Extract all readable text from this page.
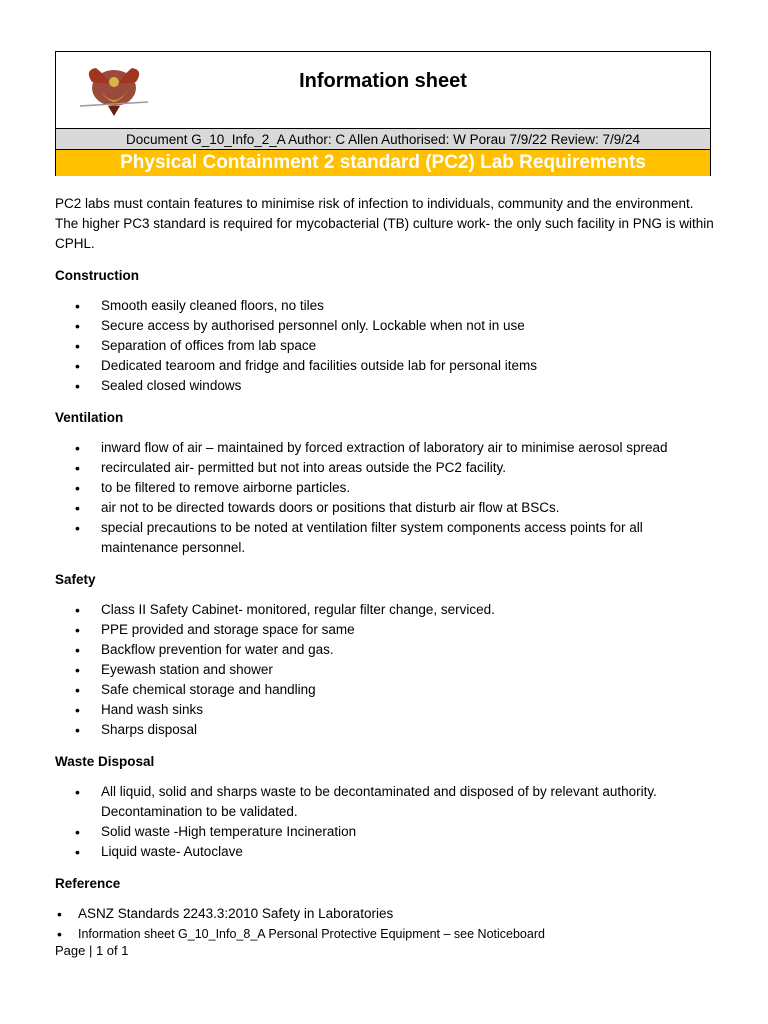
Information sheet
Document G_10_Info_2_A Author: C Allen Authorised: W Porau 7/9/22 Review: 7/9/24
Physical Containment 2 standard (PC2) Lab Requirements

PC2 labs must contain features to minimise risk of infection to individuals, community and the environment. The higher PC3 standard is required for mycobacterial (TB) culture work- the only such facility in PNG is within CPHL.

Construction

• Smooth easily cleaned floors, no tiles
• Secure access by authorised personnel only. Lockable when not in use
• Separation of offices from lab space
• Dedicated tearoom and fridge and facilities outside lab for personal items
• Sealed closed windows

Ventilation

• inward flow of air – maintained by forced extraction of laboratory air to minimise aerosol spread
• recirculated air- permitted but not into areas outside the PC2 facility.
• to be filtered to remove airborne particles.
• air not to be directed towards doors or positions that disturb air flow at BSCs.
• special precautions to be noted at ventilation filter system components access points for all maintenance personnel.

Safety

• Class II Safety Cabinet- monitored, regular filter change, serviced.
• PPE provided and storage space for same
• Backflow prevention for water and gas.
• Eyewash station and shower
• Safe chemical storage and handling
• Hand wash sinks
• Sharps disposal

Waste Disposal

• All liquid, solid and sharps waste to be decontaminated and disposed of by relevant authority. Decontamination to be validated.
• Solid waste -High temperature Incineration
• Liquid waste- Autoclave

Reference

• ASNZ Standards 2243.3:2010 Safety in Laboratories
• Information sheet G_10_Info_8_A Personal Protective Equipment – see Noticeboard
Page | 1 of 1
